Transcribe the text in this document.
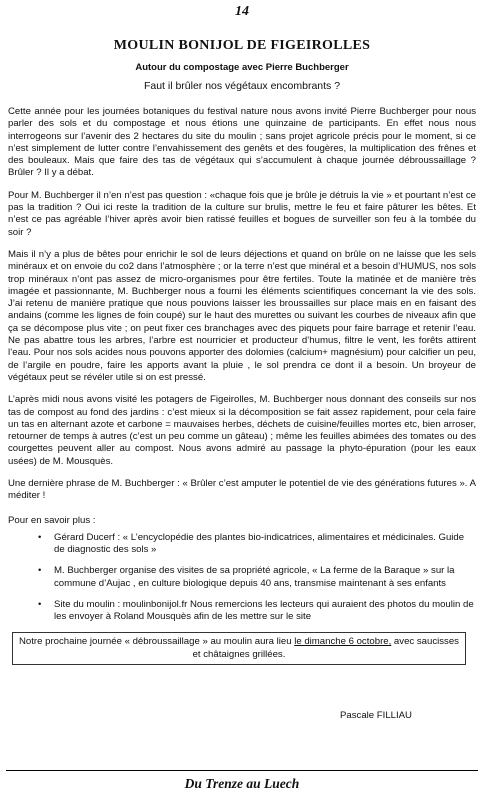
14
MOULIN BONIJOL DE FIGEIROLLES
Autour du compostage avec Pierre Buchberger
Faut il brûler nos végétaux encombrants ?

Cette année pour les journées botaniques du festival nature nous avons invité Pierre Buchberger pour nous parler des sols et du compostage et nous étions une quinzaine de participants. En effet nous nous interrogeons sur l’avenir des 2 hectares du site du moulin ; sans projet agricole précis pour le moment, si ce n’est simplement de lutter contre l’envahissement des genêts et des fougères, la multiplication des frênes et des bouleaux. Mais que faire des tas de végétaux qui s’accumulent à chaque journée débroussaillage ? Brûler ? Il y a débat.

Pour M. Buchberger il n’en n’est pas question : «chaque fois que je brûle je détruis la vie » et pourtant n’est ce pas la tradition ? Oui ici reste la tradition de la culture sur brulis, mettre le feu et faire pâturer les bêtes. Et n’est ce pas agréable l’hiver après avoir bien ratissé feuilles et bogues de surveiller son feu à la tombée du soir ?

Mais il n’y a plus de bêtes pour enrichir le sol de leurs déjections et quand on brûle on ne laisse que les sels minéraux et on envoie du co2 dans l’atmosphère ; or la terre n’est que minéral et a besoin d’HUMUS, nos sols trop minéraux n’ont pas assez de micro-organismes pour être fertiles. Toute la matinée et de manière très imagée et passionnante, M. Buchberger nous a fourni les éléments scientifiques concernant la vie des sols. J’ai retenu de manière pratique que nous pouvions laisser les broussailles sur place mais en en faisant des andains (comme les lignes de foin coupé) sur le haut des murettes ou suivant les courbes de niveaux afin que ça se décompose plus vite ; on peut fixer ces branchages avec des piquets pour faire barrage et retenir l’eau. Ne pas abattre tous les arbres, l’arbre est nourricier et producteur d’humus, filtre le vent, les forêts attirent l’eau. Pour nos sols acides nous pouvons apporter des dolomies (calcium+ magnésium) pour calcifier un peu, de l’argile en poudre, faire les apports avant la pluie , le sol prendra ce dont il a besoin. Un broyeur de végétaux peut se révéler utile si on est pressé.

L’après midi nous avons visité les potagers de Figeirolles, M. Buchberger nous donnant des conseils sur nos tas de compost au fond des jardins : c’est mieux si la décomposition se fait assez rapidement, pour cela faire un tas en alternant azote et carbone = mauvaises herbes, déchets de cuisine/feuilles mortes etc, bien arroser, retourner de temps à autres (c’est un peu comme un gâteau) ; même les feuilles abimées des tomates ou des courgettes peuvent aller au compost. Nous avons admiré au passage la phyto-épuration (pour les eaux usées) de M. Mousquès.

Une dernière phrase de M. Buchberger : « Brûler c’est amputer le potentiel de vie des générations futures ». A méditer !

Pour en savoir plus :
• Gérard Ducerf : « L’encyclopédie des plantes bio-indicatrices, alimentaires et médicinales. Guide de diagnostic des sols »
• M. Buchberger organise des visites de sa propriété agricole, « La ferme de la Baraque » sur la commune d’Aujac , en culture biologique depuis 40 ans, transmise maintenant à ses enfants
• Site du moulin : moulinbonijol.fr Nous remercions les lecteurs qui auraient des photos du moulin de les envoyer à Roland Mousquès afin de les mettre sur le site
Notre prochaine journée « débroussaillage » au moulin aura lieu le dimanche 6 octobre, avec saucisses et châtaignes grillées.
Pascale FILLIAU
Du Trenze au Luech
